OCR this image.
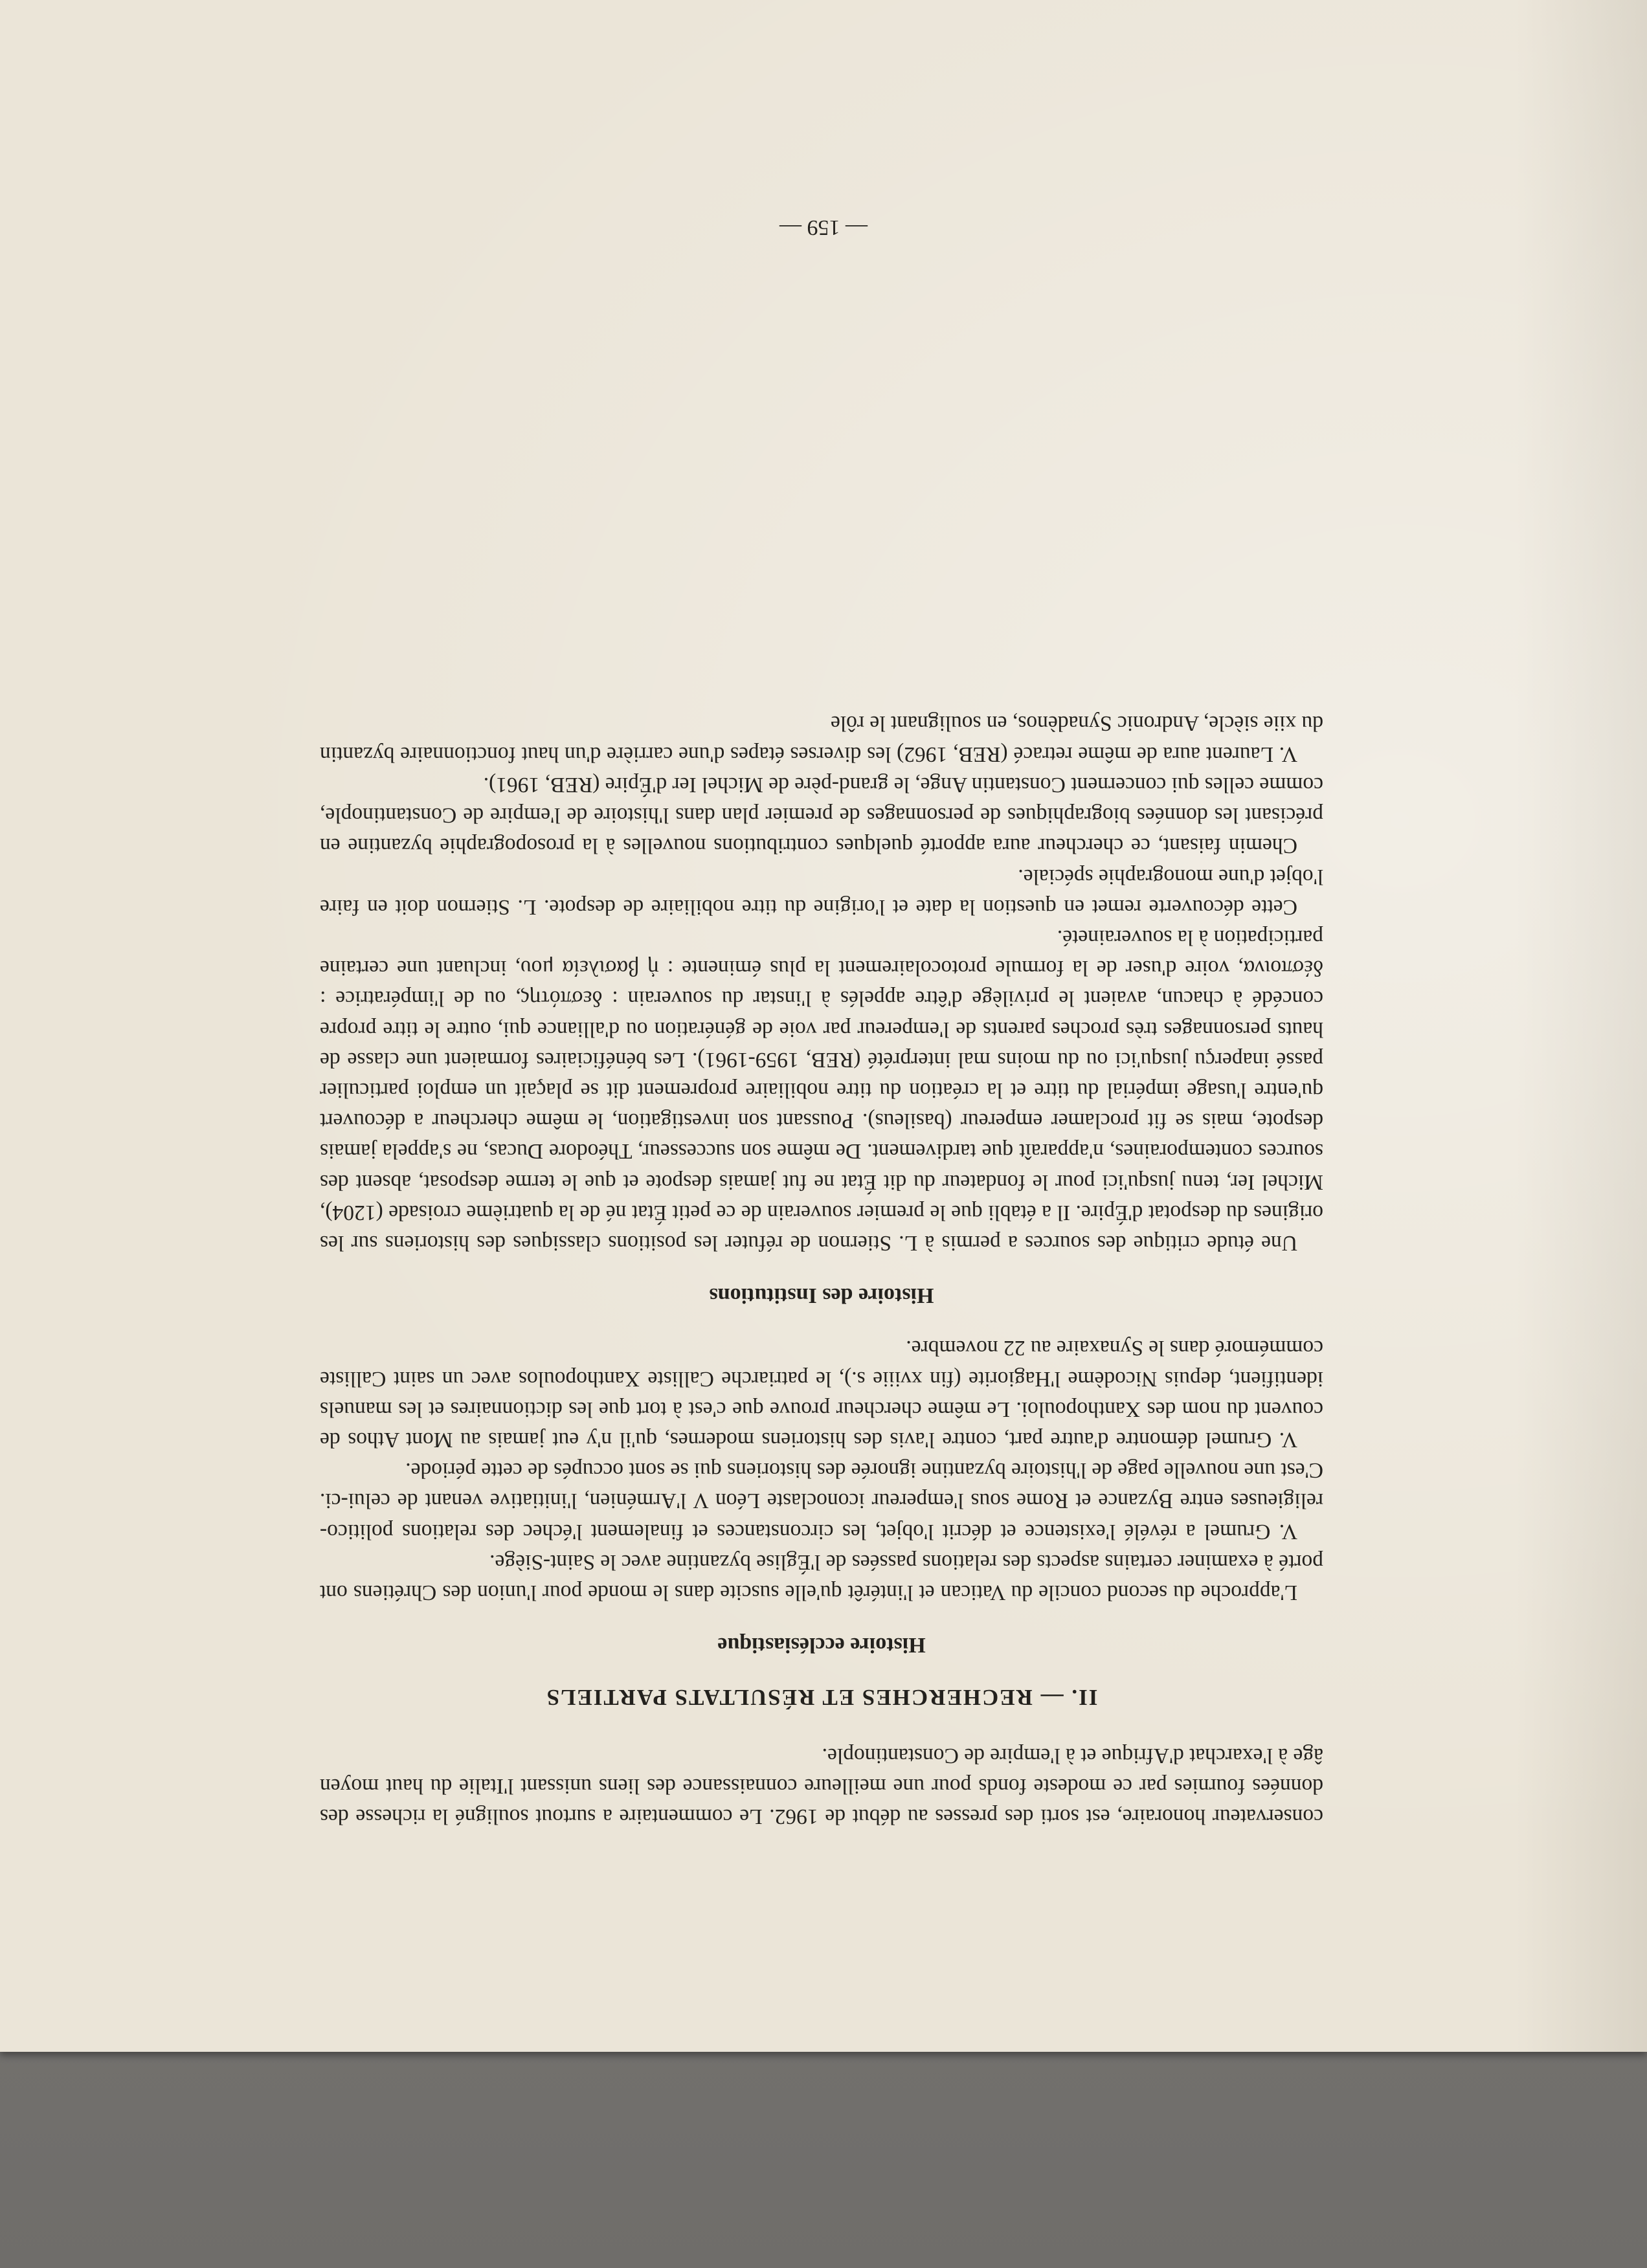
conservateur honoraire, est sorti des presses au début de 1962. Le commentaire a surtout souligné la richesse des données fournies par ce modeste fonds pour une meilleure connaissance des liens unissant l'Italie du haut moyen âge à l'exarchat d'Afrique et à l'empire de Constantinople.

II. — RECHERCHES ET RÉSULTATS PARTIELS
Histoire ecclésiastique

L'approche du second concile du Vatican et l'intérêt qu'elle suscite dans le monde pour l'union des Chrétiens ont porté à examiner certains aspects des relations passées de l'Église byzantine avec le Saint-Siège.

V. Grumel a révélé l'existence et décrit l'objet, les circonstances et finalement l'échec des relations politico-religieuses entre Byzance et Rome sous l'empereur iconoclaste Léon V l'Arménien, l'initiative venant de celui-ci. C'est une nouvelle page de l'histoire byzantine ignorée des historiens qui se sont occupés de cette période.

V. Grumel démontre d'autre part, contre l'avis des historiens modernes, qu'il n'y eut jamais au Mont Athos de couvent du nom des Xanthopouloi. Le même chercheur prouve que c'est à tort que les dictionnaires et les manuels identifient, depuis Nicodème l'Hagiorite (fin xviiie s.), le patriarche Calliste Xanthopoulos avec un saint Calliste commémoré dans le Synaxaire au 22 novembre.

Histoire des Institutions

Une étude critique des sources a permis à L. Stiernon de réfuter les positions classiques des historiens sur les origines du despotat d'Épire. Il a établi que le premier souverain de ce petit État né de la quatrième croisade (1204), Michel Ier, tenu jusqu'ici pour le fondateur du dit État ne fut jamais despote et que le terme desposat, absent des sources contemporaines, n'apparaît que tardivement. De même son successeur, Théodore Ducas, ne s'appela jamais despote, mais se fit proclamer empereur (basileus). Poussant son investigation, le même chercheur a découvert qu'entre l'usage impérial du titre et la création du titre nobiliaire proprement dit se plaçait un emploi particulier passé inaperçu jusqu'ici ou du moins mal interprété (REB, 1959-1961). Les bénéficiaires formaient une classe de hauts personnages très proches parents de l'empereur par voie de génération ou d'alliance qui, outre le titre propre concédé à chacun, avaient le privilège d'être appelés à l'instar du souverain : δεσπότης, ou de l'impératrice : δέσποινα, voire d'user de la formule protocolairement la plus éminente : ἡ βασιλεία μου, incluant une certaine participation à la souveraineté.

Cette découverte remet en question la date et l'origine du titre nobiliaire de despote. L. Stiernon doit en faire l'objet d'une monographie spéciale.

Chemin faisant, ce chercheur aura apporté quelques contributions nouvelles à la prosopographie byzantine en précisant les données biographiques de personnages de premier plan dans l'histoire de l'empire de Constantinople, comme celles qui concernent Constantin Ange, le grand-père de Michel Ier d'Épire (REB, 1961).

V. Laurent aura de même retracé (REB, 1962) les diverses étapes d'une carrière d'un haut fonctionnaire byzantin du xiie siècle, Andronic Synadènos, en soulignant le rôle

— 159 —
